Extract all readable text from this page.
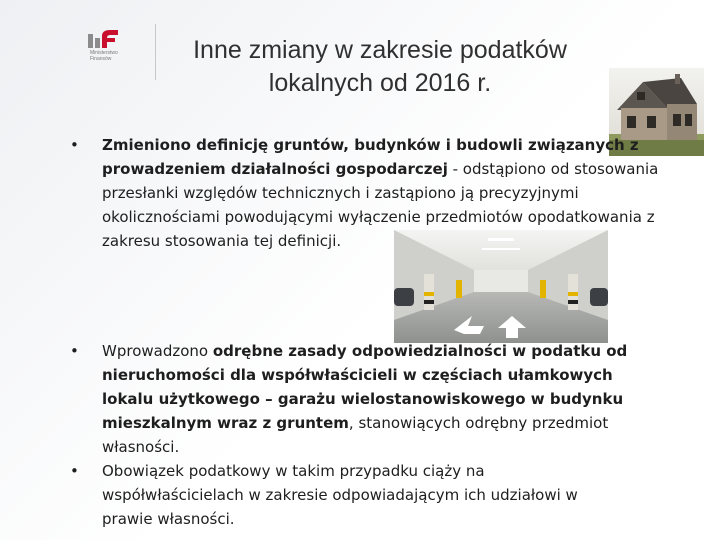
Ministerstwo
Finansów	Inne zmiany w zakresie podatków
lokalnych od 2016 r.
• Zmieniono definicję gruntów, budynków i budowli związanych z prowadzeniem działalności gospodarczej - odstąpiono od stosowania przesłanki względów technicznych i zastąpiono ją precyzyjnymi okolicznościami powodującymi wyłączenie przedmiotów opodatkowania z zakresu stosowania tej definicji.
• Wprowadzono odrębne zasady odpowiedzialności w podatku od nieruchomości dla współwłaścicieli w częściach ułamkowych lokalu użytkowego – garażu wielostanowiskowego w budynku mieszkalnym wraz z gruntem, stanowiących odrębny przedmiot własności.
• Obowiązek podatkowy w takim przypadku ciąży na współwłaścicielach w zakresie odpowiadającym ich udziałowi w prawie własności.
